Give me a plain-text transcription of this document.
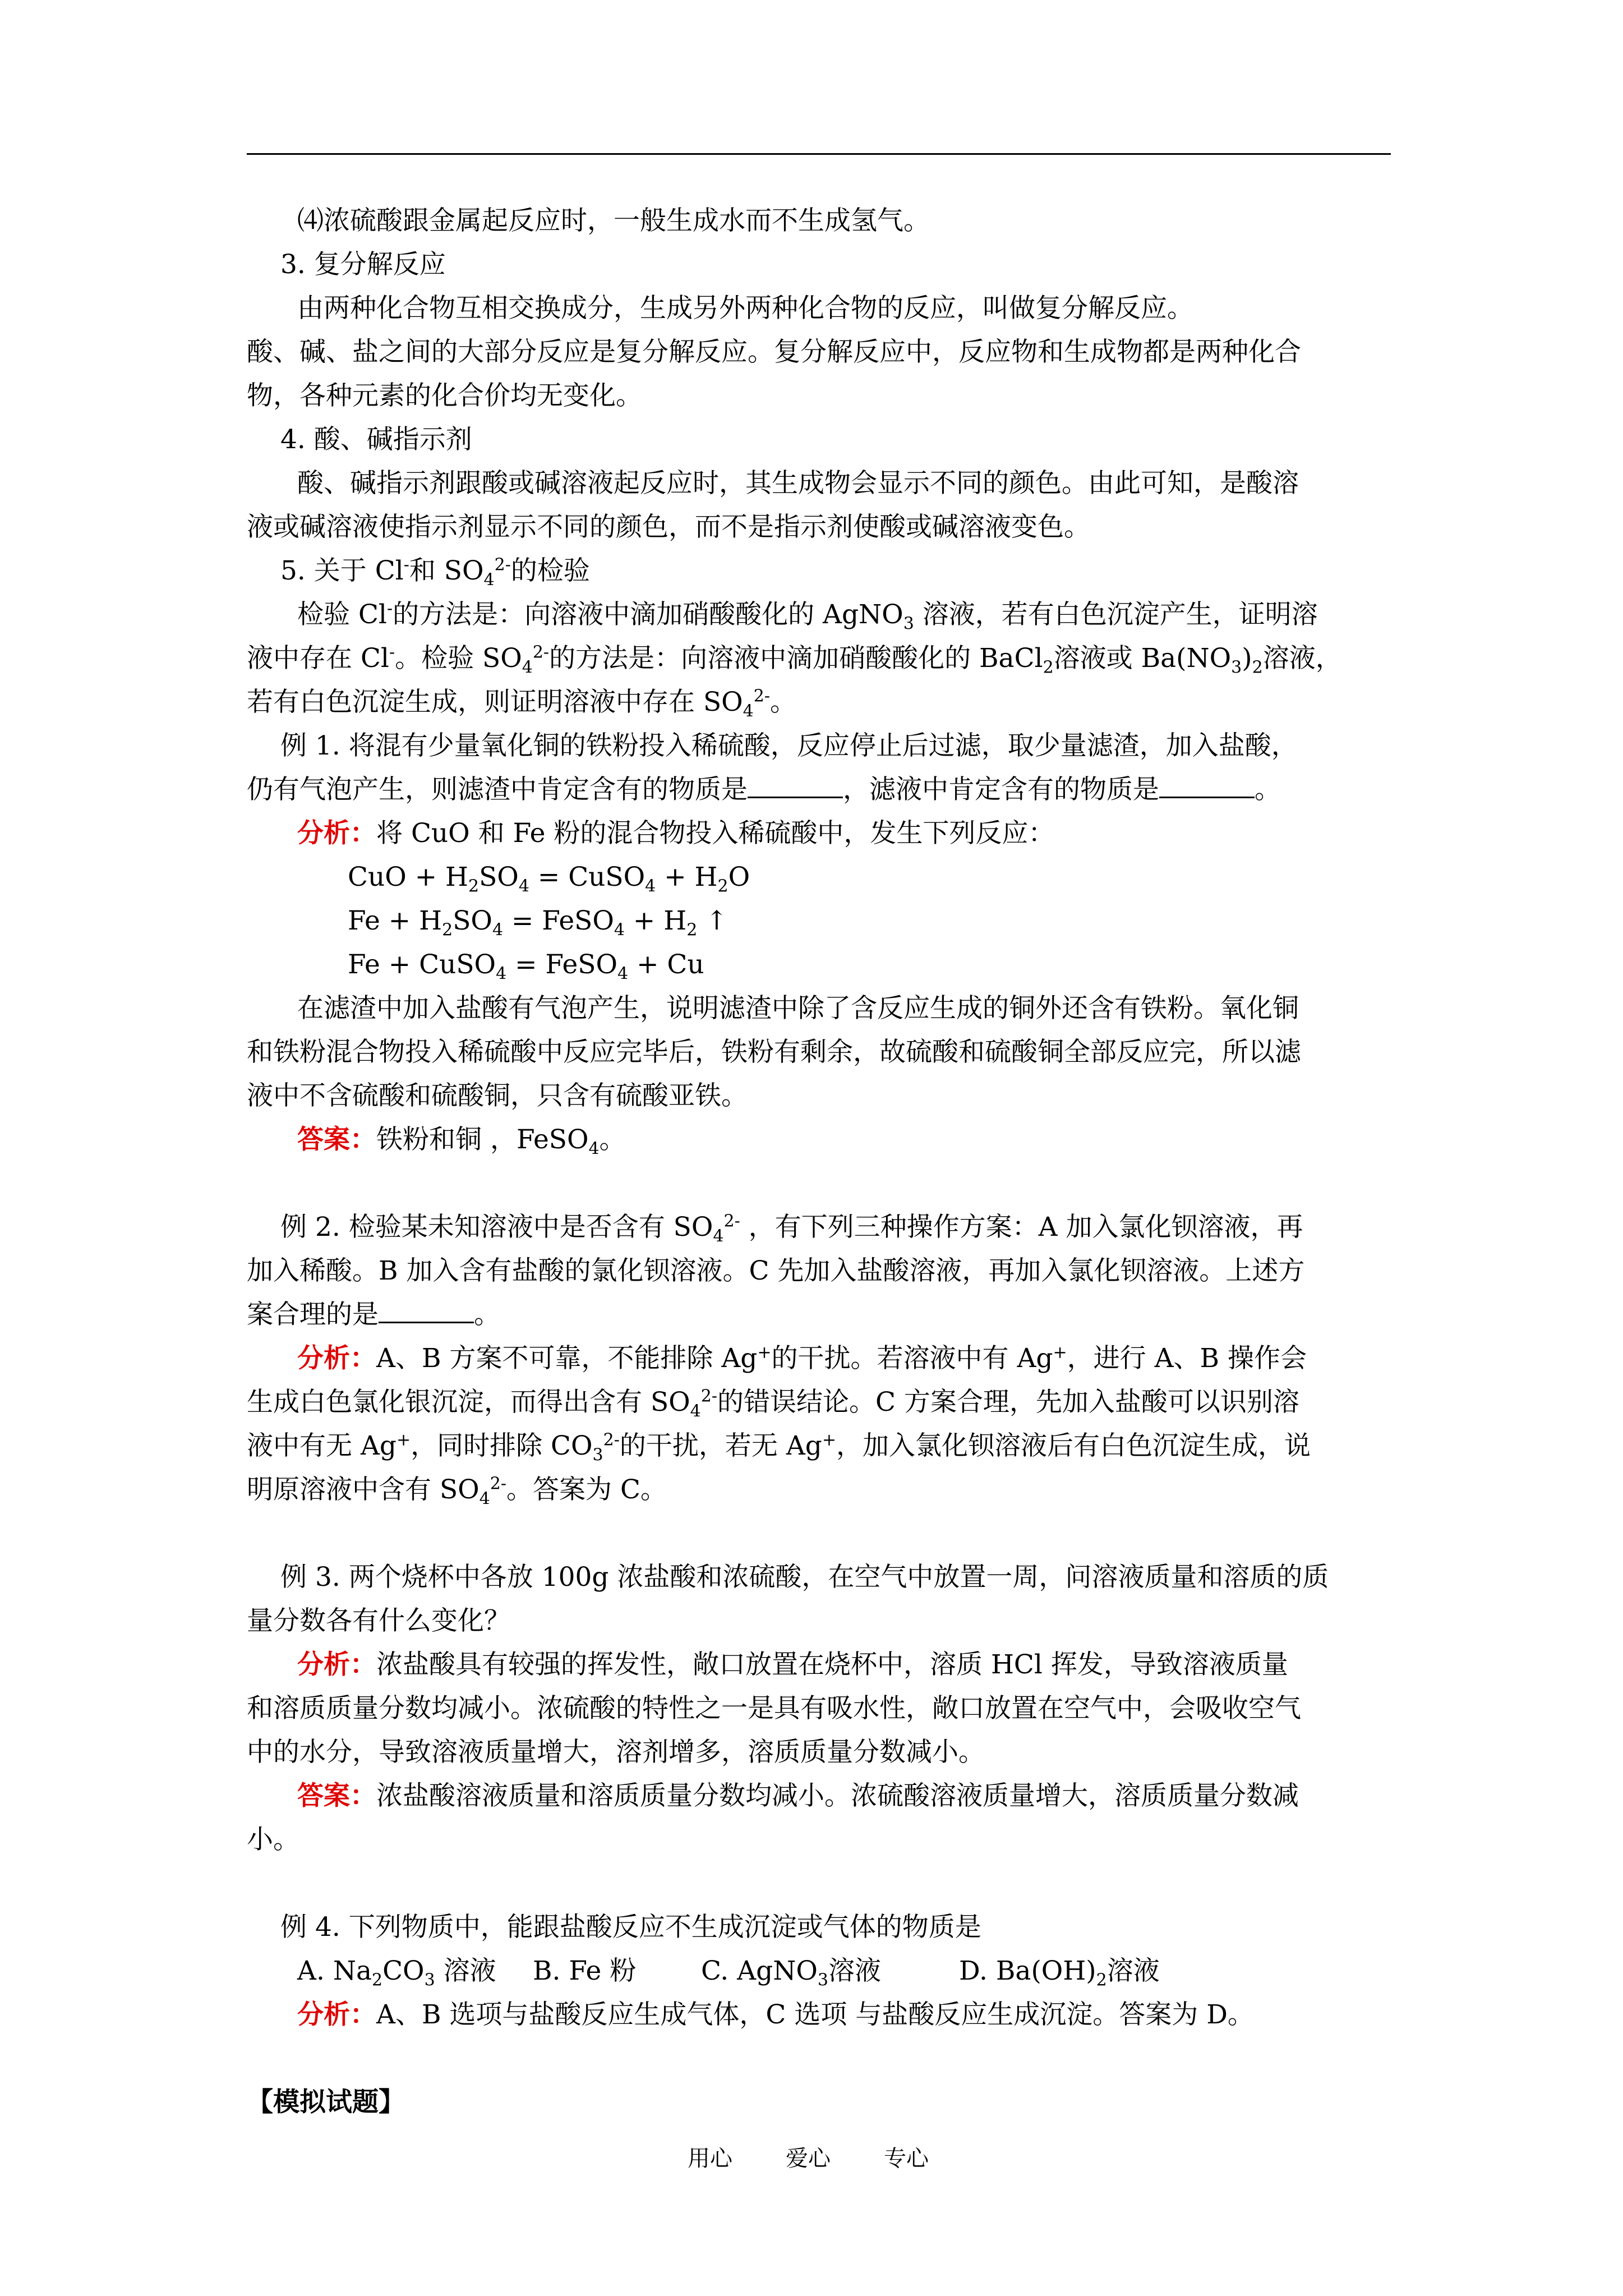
⑷浓硫酸跟金属起反应时，一般生成水而不生成氢气。

3. 复分解反应

由两种化合物互相交换成分，生成另外两种化合物的反应，叫做复分解反应。

酸、碱、盐之间的大部分反应是复分解反应。复分解反应中，反应物和生成物都是两种化合

物，各种元素的化合价均无变化。

4. 酸、碱指示剂

酸、碱指示剂跟酸或碱溶液起反应时，其生成物会显示不同的颜色。由此可知，是酸溶

液或碱溶液使指示剂显示不同的颜色，而不是指示剂使酸或碱溶液变色。

5. 关于 Cl-和 $SO_4^{2-}$的检验

检验 Cl-的方法是：向溶液中滴加硝酸酸化的 AgNO$_3$ 溶液，若有白色沉淀产生，证明溶

液中存在 Cl-。检验 $SO_4^{2-}$的方法是：向溶液中滴加硝酸酸化的 BaCl$_2$溶液或 $Ba(NO_3)_2$溶液，

若有白色沉淀生成，则证明溶液中存在 $SO_4^{2-}$。

例 1. 将混有少量氧化铜的铁粉投入稀硫酸，反应停止后过滤，取少量滤渣，加入盐酸，

仍有气泡产生，则滤渣中肯定含有的物质是	，滤液中肯定含有的物质是	。

分析：将 CuO 和 Fe 粉的混合物投入稀硫酸中，发生下列反应：

CuO + $H_2SO_4$ = CuSO$_4$ + $H_2O$

$Fe + H_2SO_4$ = FeSO$_4$ + $H_2$ ↑

Fe + CuSO$_4$ = FeSO$_4$ + Cu

在滤渣中加入盐酸有气泡产生，说明滤渣中除了含反应生成的铜外还含有铁粉。氧化铜

和铁粉混合物投入稀硫酸中反应完毕后，铁粉有剩余，故硫酸和硫酸铜全部反应完，所以滤

液中不含硫酸和硫酸铜，只含有硫酸亚铁。

答案：铁粉和铜 ，FeSO$_4$。

例 2. 检验某未知溶液中是否含有 $SO_4^{2-}$ ，有下列三种操作方案：A 加入氯化钡溶液，再

加入稀酸。B 加入含有盐酸的氯化钡溶液。C 先加入盐酸溶液，再加入氯化钡溶液。上述方

案合理的是	。

分析：A、B 方案不可靠，不能排除 Ag+的干扰。若溶液中有 Ag+，进行 A、B 操作会

生成白色氯化银沉淀，而得出含有 $SO_4^{2-}$的错误结论。C 方案合理，先加入盐酸可以识别溶

液中有无 Ag+，同时排除 $CO_3^{2-}$的干扰，若无 Ag+，加入氯化钡溶液后有白色沉淀生成，说

明原溶液中含有 $SO_4^{2-}$。答案为 C。

例 3. 两个烧杯中各放 100g 浓盐酸和浓硫酸，在空气中放置一周，问溶液质量和溶质的质

量分数各有什么变化？

分析：浓盐酸具有较强的挥发性，敞口放置在烧杯中，溶质 HCl 挥发，导致溶液质量

和溶质质量分数均减小。浓硫酸的特性之一是具有吸水性，敞口放置在空气中，会吸收空气

中的水分，导致溶液质量增大，溶剂增多，溶质质量分数减小。

答案：浓盐酸溶液质量和溶质质量分数均减小。浓硫酸溶液质量增大，溶质质量分数减

小。

例 4. 下列物质中，能跟盐酸反应不生成沉淀或气体的物质是

A. $Na_2CO_3$ 溶液 B. Fe 粉 C. AgNO$_3$溶液	D. $Ba(OH)_2$溶液

分析：A、B 选项与盐酸反应生成气体，C 选项 与盐酸反应生成沉淀。答案为 D。

【模拟试题】

用心 爱心 专心
